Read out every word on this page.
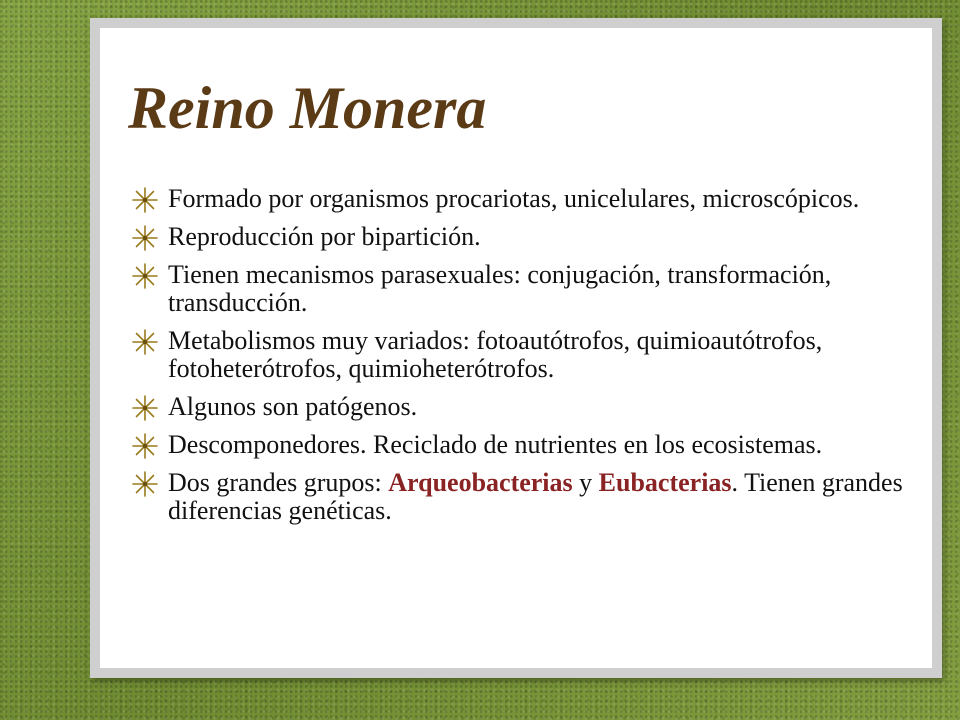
Reino Monera
Formado por organismos procariotas, unicelulares, microscópicos.
Reproducción por bipartición.
Tienen mecanismos parasexuales: conjugación, transformación, transducción.
Metabolismos muy variados: fotoautótrofos, quimioautótrofos, fotoheterótrofos, quimioheterótrofos.
Algunos son patógenos.
Descomponedores. Reciclado de nutrientes en los ecosistemas.
Dos grandes grupos: Arqueobacterias y Eubacterias. Tienen grandes diferencias genéticas.
